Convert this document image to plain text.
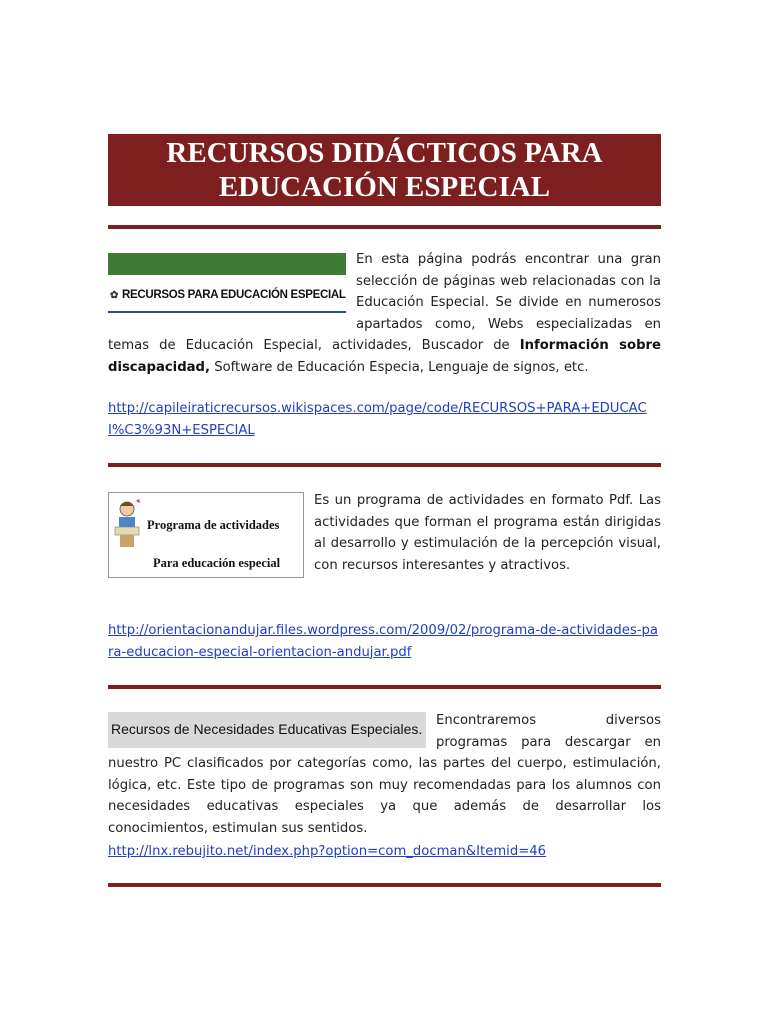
RECURSOS DIDÁCTICOS PARA
EDUCACIÓN ESPECIAL

✿ RECURSOS PARA EDUCACIÓN ESPECIAL
En esta página podrás encontrar una gran selección de páginas web relacionadas con la Educación Especial. Se divide en numerosos apartados como, Webs especializadas en temas de Educación Especial, actividades, Buscador de Información sobre discapacidad, Software de Educación Especia, Lenguaje de signos, etc.

http://capileiraticrecursos.wikispaces.com/page/code/RECURSOS+PARA+EDUCACI%C3%93N+ESPECIAL

Programa de actividades
Para educación especial
Es un programa de actividades en formato Pdf. Las actividades que forman el programa están dirigidas al desarrollo y estimulación de la percepción visual, con recursos interesantes y atractivos.

http://orientacionandujar.files.wordpress.com/2009/02/programa-de-actividades-para-educacion-especial-orientacion-andujar.pdf

Recursos de Necesidades Educativas Especiales.
Encontraremos diversos programas para descargar en nuestro PC clasificados por categorías como, las partes del cuerpo, estimulación, lógica, etc. Este tipo de programas son muy recomendadas para los alumnos con necesidades educativas especiales ya que además de desarrollar los conocimientos, estimulan sus sentidos.

http://lnx.rebujito.net/index.php?option=com_docman&Itemid=46
